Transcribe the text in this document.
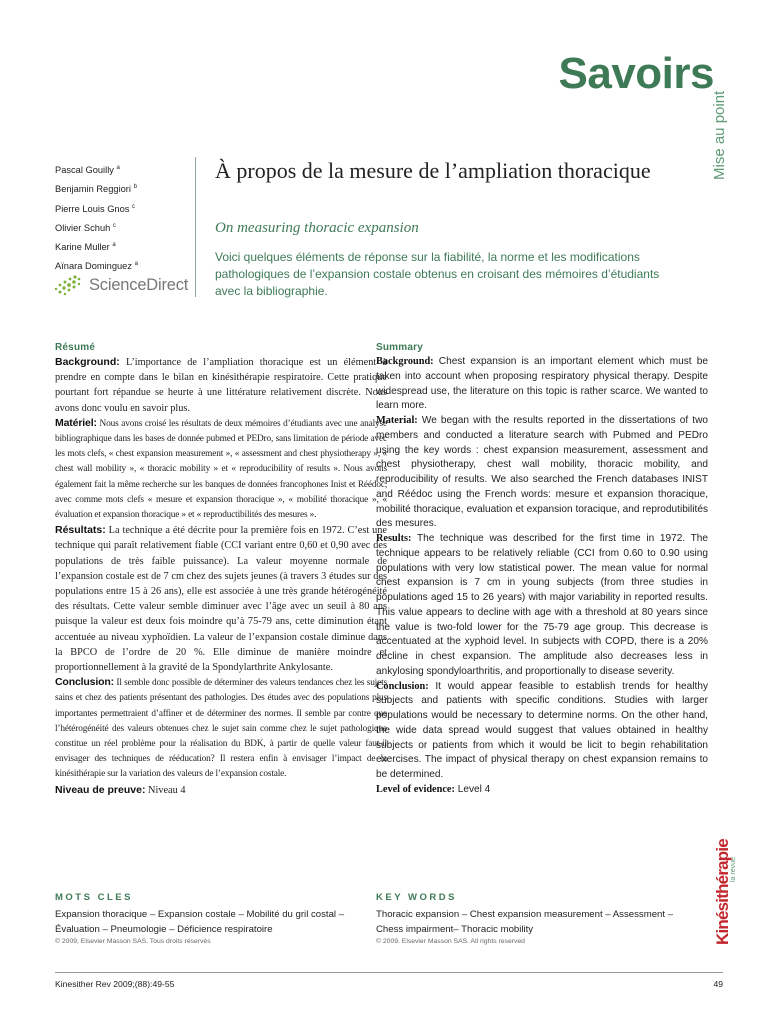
Savoirs
Mise au point
Pascal Gouilly $^a$
Benjamin Reggiori $^b$
Pierre Louis Gnos $^c$
Olivier Schuh $^c$
Karine Muller $^a$
Aïnara Dominguez $^a$
ScienceDirect
À propos de la mesure de l’ampliation thoracique
On measuring thoracic expansion
Voici quelques éléments de réponse sur la fiabilité, la norme et les modifications pathologiques de l’expansion costale obtenus en croisant des mémoires d’étudiants avec la bibliographie.
Résumé
Background: L’importance de l’ampliation thoracique est un élément à prendre en compte dans le bilan en kinésithérapie respiratoire. Cette pratique pourtant fort répandue se heurte à une littérature relativement discrète. Nous avons donc voulu en savoir plus.
Matériel: Nous avons croisé les résultats de deux mémoires d’étudiants avec une analyse bibliographique dans les bases de donnée pubmed et PEDro, sans limitation de période avec les mots clefs, « chest expansion measurement », « assessment and chest physiotherapy », « chest wall mobility », « thoracic mobility » et « reproducibility of results ». Nous avons également fait la même recherche sur les banques de données francophones Inist et Réédoc, avec comme mots clefs « mesure et expansion thoracique », « mobilité thoracique », « évaluation et expansion thoracique » et « reproductibilités des mesures ».
Résultats: La technique a été décrite pour la première fois en 1972. C’est une technique qui paraît relativement fiable (CCI variant entre 0,60 et 0,90 avec des populations de très faible puissance). La valeur moyenne normale de l’expansion costale est de 7 cm chez des sujets jeunes (à travers 3 études sur des populations entre 15 à 26 ans), elle est associée à une très grande hétérogénéité des résultats. Cette valeur semble diminuer avec l’âge avec un seuil à 80 ans puisque la valeur est deux fois moindre qu’à 75-79 ans, cette diminution étant accentuée au niveau xyphoïdien. La valeur de l’expansion costale diminue dans la BPCO de l’ordre de 20 %. Elle diminue de manière moindre et proportionnellement à la gravité de la Spondylarthrite Ankylosante.
Conclusion: Il semble donc possible de déterminer des valeurs tendances chez les sujets sains et chez des patients présentant des pathologies. Des études avec des populations plus importantes permettraient d’affiner et de déterminer des normes. Il semble par contre que l’hétérogénéité des valeurs obtenues chez le sujet sain comme chez le sujet pathologique constitue un réel problème pour la réalisation du BDK, à partir de quelle valeur faut-il envisager des techniques de rééducation? Il restera enfin à envisager l’impact de la kinésithérapie sur la variation des valeurs de l’expansion costale.
Niveau de preuve: Niveau 4
Summary
Background: Chest expansion is an important element which must be taken into account when proposing respiratory physical therapy. Despite widespread use, the literature on this topic is rather scarce. We wanted to learn more.
Material: We began with the results reported in the dissertations of two members and conducted a literature search with Pubmed and PEDro using the key words : chest expansion measurement, assessment and chest physiotherapy, chest wall mobility, thoracic mobility, and reproducibility of results. We also searched the French databases INIST and Réédoc using the French words: mesure et expansion thoracique, mobilité thoracique, evaluation et expansion toracique, and reprodutibilités des mesures.
Results: The technique was described for the first time in 1972. The technique appears to be relatively reliable (CCI from 0.60 to 0.90 using populations with very low statistical power. The mean value for normal chest expansion is 7 cm in young subjects (from three studies in populations aged 15 to 26 years) with major variability in reported results. This value appears to decline with age with a threshold at 80 years since the value is two-fold lower for the 75-79 age group. This decrease is accentuated at the xyphoid level. In subjects with COPD, there is a 20% decline in chest expansion. The amplitude also decreases less in ankylosing spondyloarthritis, and proportionally to disease severity.
Conclusion: It would appear feasible to establish trends for healthy subjects and patients with specific conditions. Studies with larger populations would be necessary to determine norms. On the other hand, the wide data spread would suggest that values obtained in healthy subjects or patients from which it would be licit to begin rehabilitation exercises. The impact of physical therapy on chest expansion remains to be determined.
Level of evidence: Level 4
MOTS CLES
Expansion thoracique – Expansion costale – Mobilité du gril costal – Évaluation – Pneumologie – Déficience respiratoire
© 2009, Elsevier Masson SAS. Tous droits réservés
KEY WORDS
Thoracic expansion – Chest expansion measurement – Assessment – Chess impairment– Thoracic mobility
© 2009. Elsevier Masson SAS. All rights reserved
la revue
Kinésithérapie
Kinesither Rev 2009;(88):49-55	49
